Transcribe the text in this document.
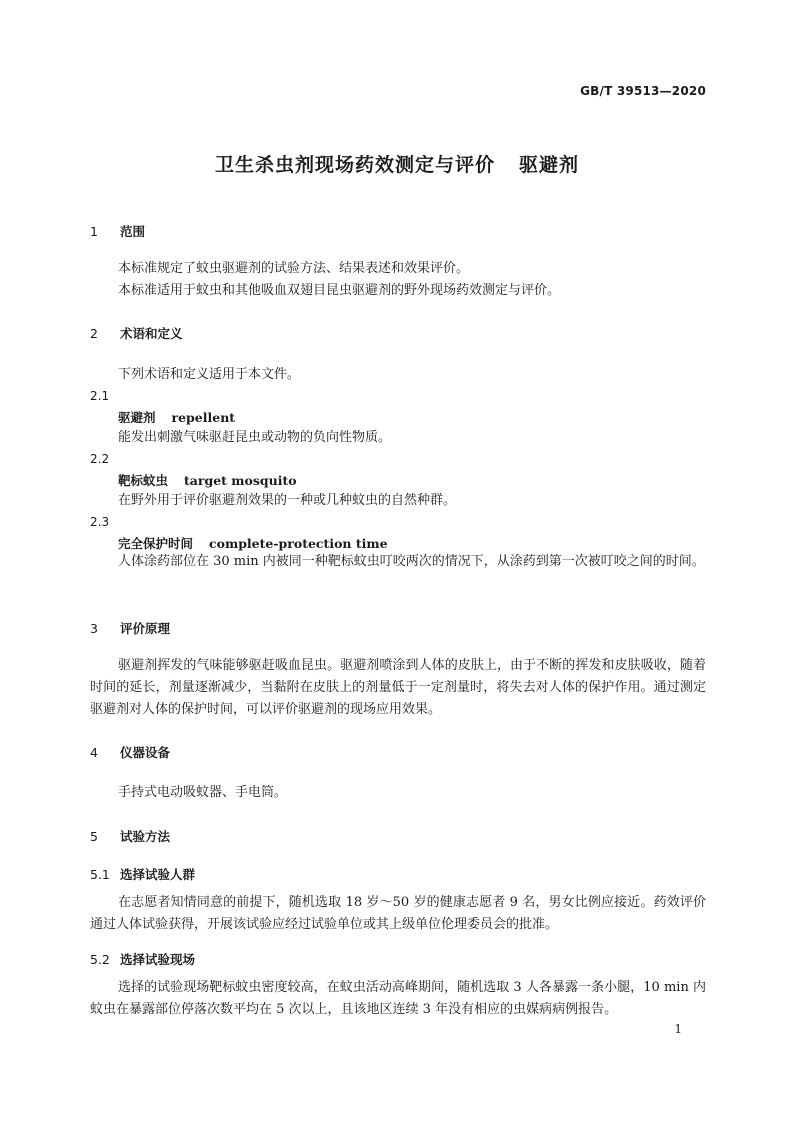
GB/T 39513—2020
卫生杀虫剂现场药效测定与评价 驱避剂
1 范围
本标准规定了蚊虫驱避剂的试验方法、结果表述和效果评价。
本标准适用于蚊虫和其他吸血双翅目昆虫驱避剂的野外现场药效测定与评价。
2 术语和定义
下列术语和定义适用于本文件。
2.1
驱避剂 repellent
能发出刺激气味驱赶昆虫或动物的负向性物质。
2.2
靶标蚊虫 target mosquito
在野外用于评价驱避剂效果的一种或几种蚊虫的自然种群。
2.3
完全保护时间 complete-protection time
人体涂药部位在 30 min 内被同一种靶标蚊虫叮咬两次的情况下，从涂药到第一次被叮咬之间的时间。
3 评价原理
驱避剂挥发的气味能够驱赶吸血昆虫。驱避剂喷涂到人体的皮肤上，由于不断的挥发和皮肤吸收，随着时间的延长，剂量逐渐减少，当黏附在皮肤上的剂量低于一定剂量时，将失去对人体的保护作用。通过测定驱避剂对人体的保护时间，可以评价驱避剂的现场应用效果。
4 仪器设备
手持式电动吸蚊器、手电筒。
5 试验方法
5.1 选择试验人群
在志愿者知情同意的前提下，随机选取 18 岁～50 岁的健康志愿者 9 名，男女比例应接近。药效评价通过人体试验获得，开展该试验应经过试验单位或其上级单位伦理委员会的批准。
5.2 选择试验现场
选择的试验现场靶标蚊虫密度较高，在蚊虫活动高峰期间，随机选取 3 人各暴露一条小腿，10 min 内蚊虫在暴露部位停落次数平均在 5 次以上，且该地区连续 3 年没有相应的虫媒病病例报告。
1
